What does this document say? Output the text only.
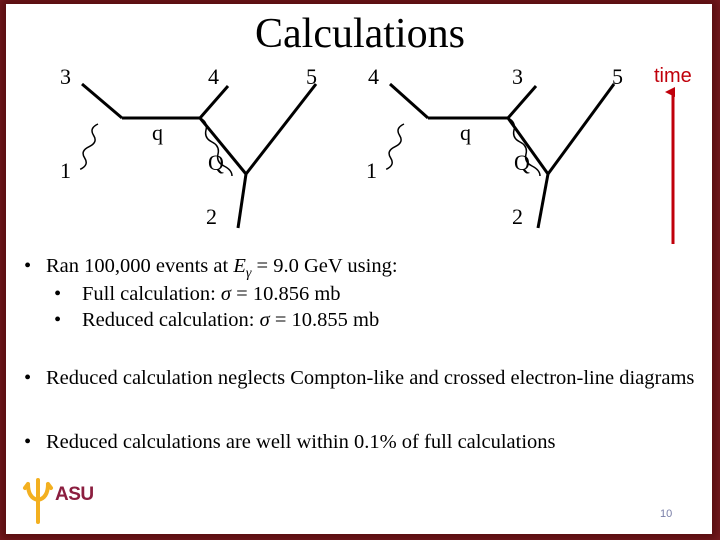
Calculations
3	4	5
q
1	Q
2
4	3	5
q
1	Q
2
time
• Ran 100,000 events at $E_\gamma = 9.0$ GeV using:
• Full calculation: σ = 10.856 mb
• Reduced calculation: σ = 10.855 mb
• Reduced calculation neglects Compton-like and crossed electron-line diagrams
• Reduced calculations are well within 0.1% of full calculations
ASU
10
